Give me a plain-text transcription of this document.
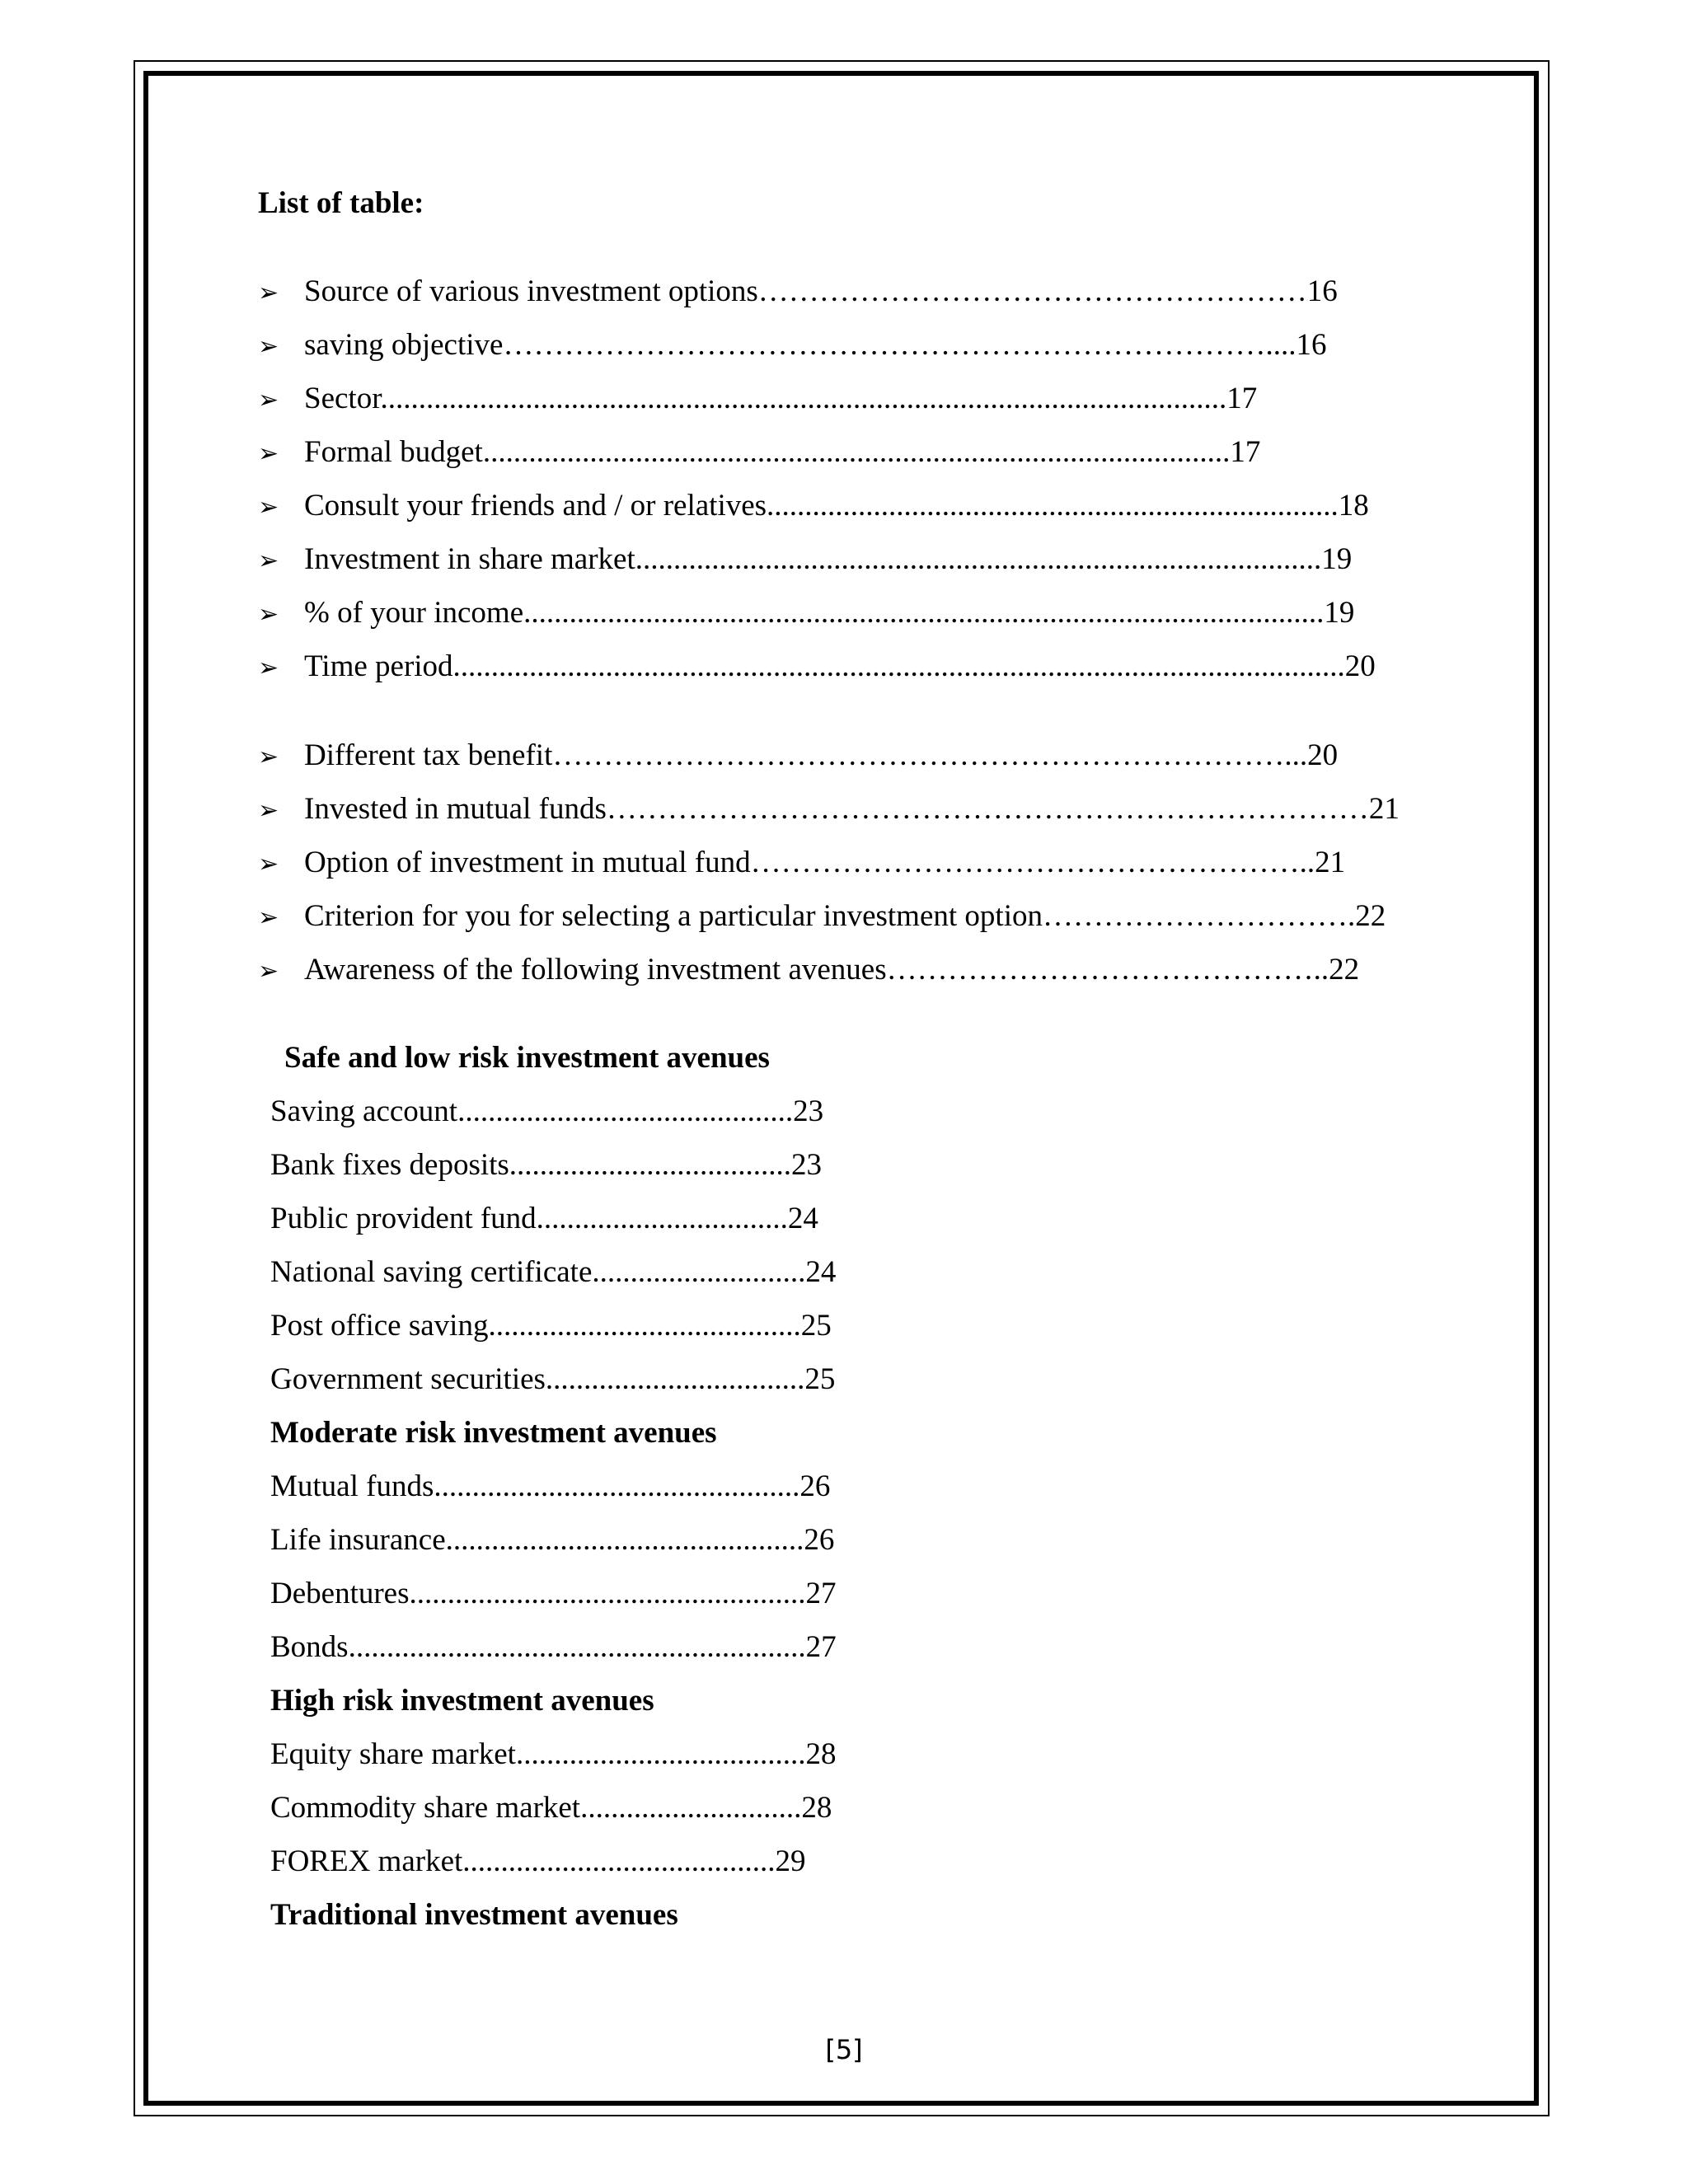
List of table:
➢ Source of various investment options………………………………………………16
➢ saving objective…………………………………………………………………....16
➢ Sector...............................................................................................................17
➢ Formal budget..................................................................................................17
➢ Consult your friends and / or relatives...........................................................................18
➢ Investment in share market..........................................................................................19
➢ % of your income.........................................................................................................19
➢ Time period.....................................................................................................................20
➢ Different tax benefit………………………………………………………………...20
➢ Invested in mutual funds…………………………………………………………………21
➢ Option of investment in mutual fund………………………………………………..21
➢ Criterion for you for selecting a particular investment option………………………….22
➢ Awareness of the following investment avenues……………………………………..22
Safe and low risk investment avenues
Saving account............................................23
Bank fixes deposits.....................................23
Public provident fund.................................24
National saving certificate............................24
Post office saving.........................................25
Government securities..................................25
Moderate risk investment avenues
Mutual funds................................................26
Life insurance...............................................26
Debentures....................................................27
Bonds............................................................27
High risk investment avenues
Equity share market......................................28
Commodity share market.............................28
FOREX market.........................................29
Traditional investment avenues
[5]
